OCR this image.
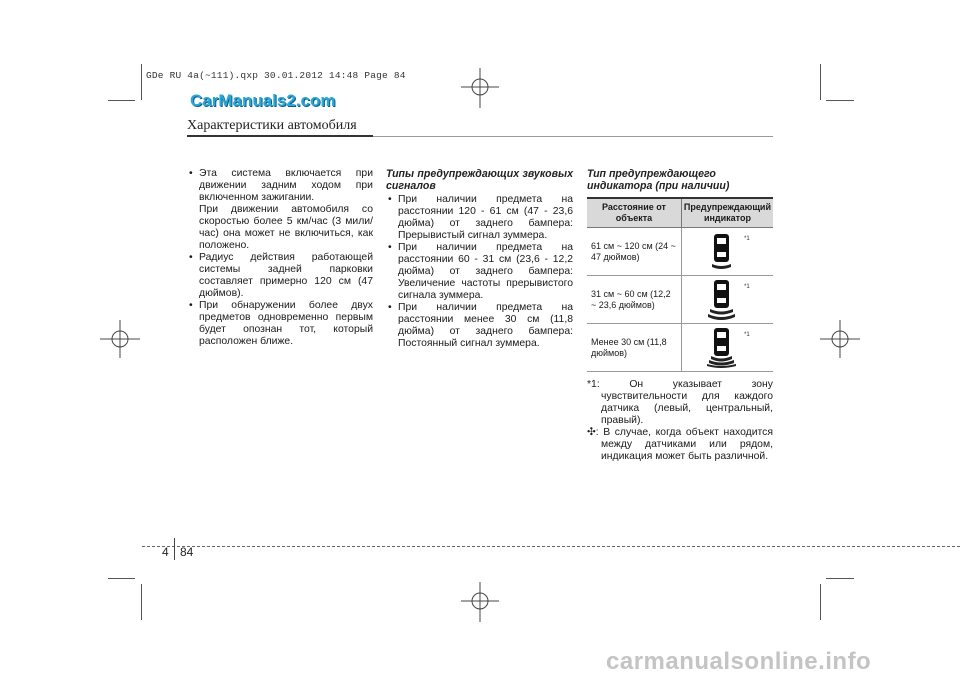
GDe RU 4a(~111).qxp 30.01.2012 14:48 Page 84
CarManuals2.com
Характеристики автомобиля

• Эта система включается при движении задним ходом при включенном зажигании.

При движении автомобиля со скоростью более 5 км/час (3 мили/час) она может не включиться, как положено.

• Радиус действия работающей системы задней парковки составляет примерно 120 см (47 дюймов).

• При обнаружении более двух предметов одновременно первым будет опознан тот, который расположен ближе.

Типы предупреждающих звуковых сигналов

• При наличии предмета на расстоянии 120 - 61 см (47 - 23,6 дюйма) от заднего бампера: Прерывистый сигнал зуммера.

• При наличии предмета на расстоянии 60 - 31 см (23,6 - 12,2 дюйма) от заднего бампера: Увеличение частоты прерывистого сигнала зуммера.

• При наличии предмета на расстоянии менее 30 см (11,8 дюйма) от заднего бампера: Постоянный сигнал зуммера.

Тип предупреждающего индикатора (при наличии)
Расстояние от объекта	Предупреждающий индикатор
61 см ~ 120 см (24 ~ 47 дюймов)	*1

31 см ~ 60 см (12,2 ~ 23,6 дюймов)	*1

Менее 30 см (11,8 дюймов)	*1
*1: Он указывает зону чувствительности для каждого датчика (левый, центральный, правый).
✣: В случае, когда объект находится между датчиками или рядом, индикация может быть различной.
4 84
carmanualsonline.info
